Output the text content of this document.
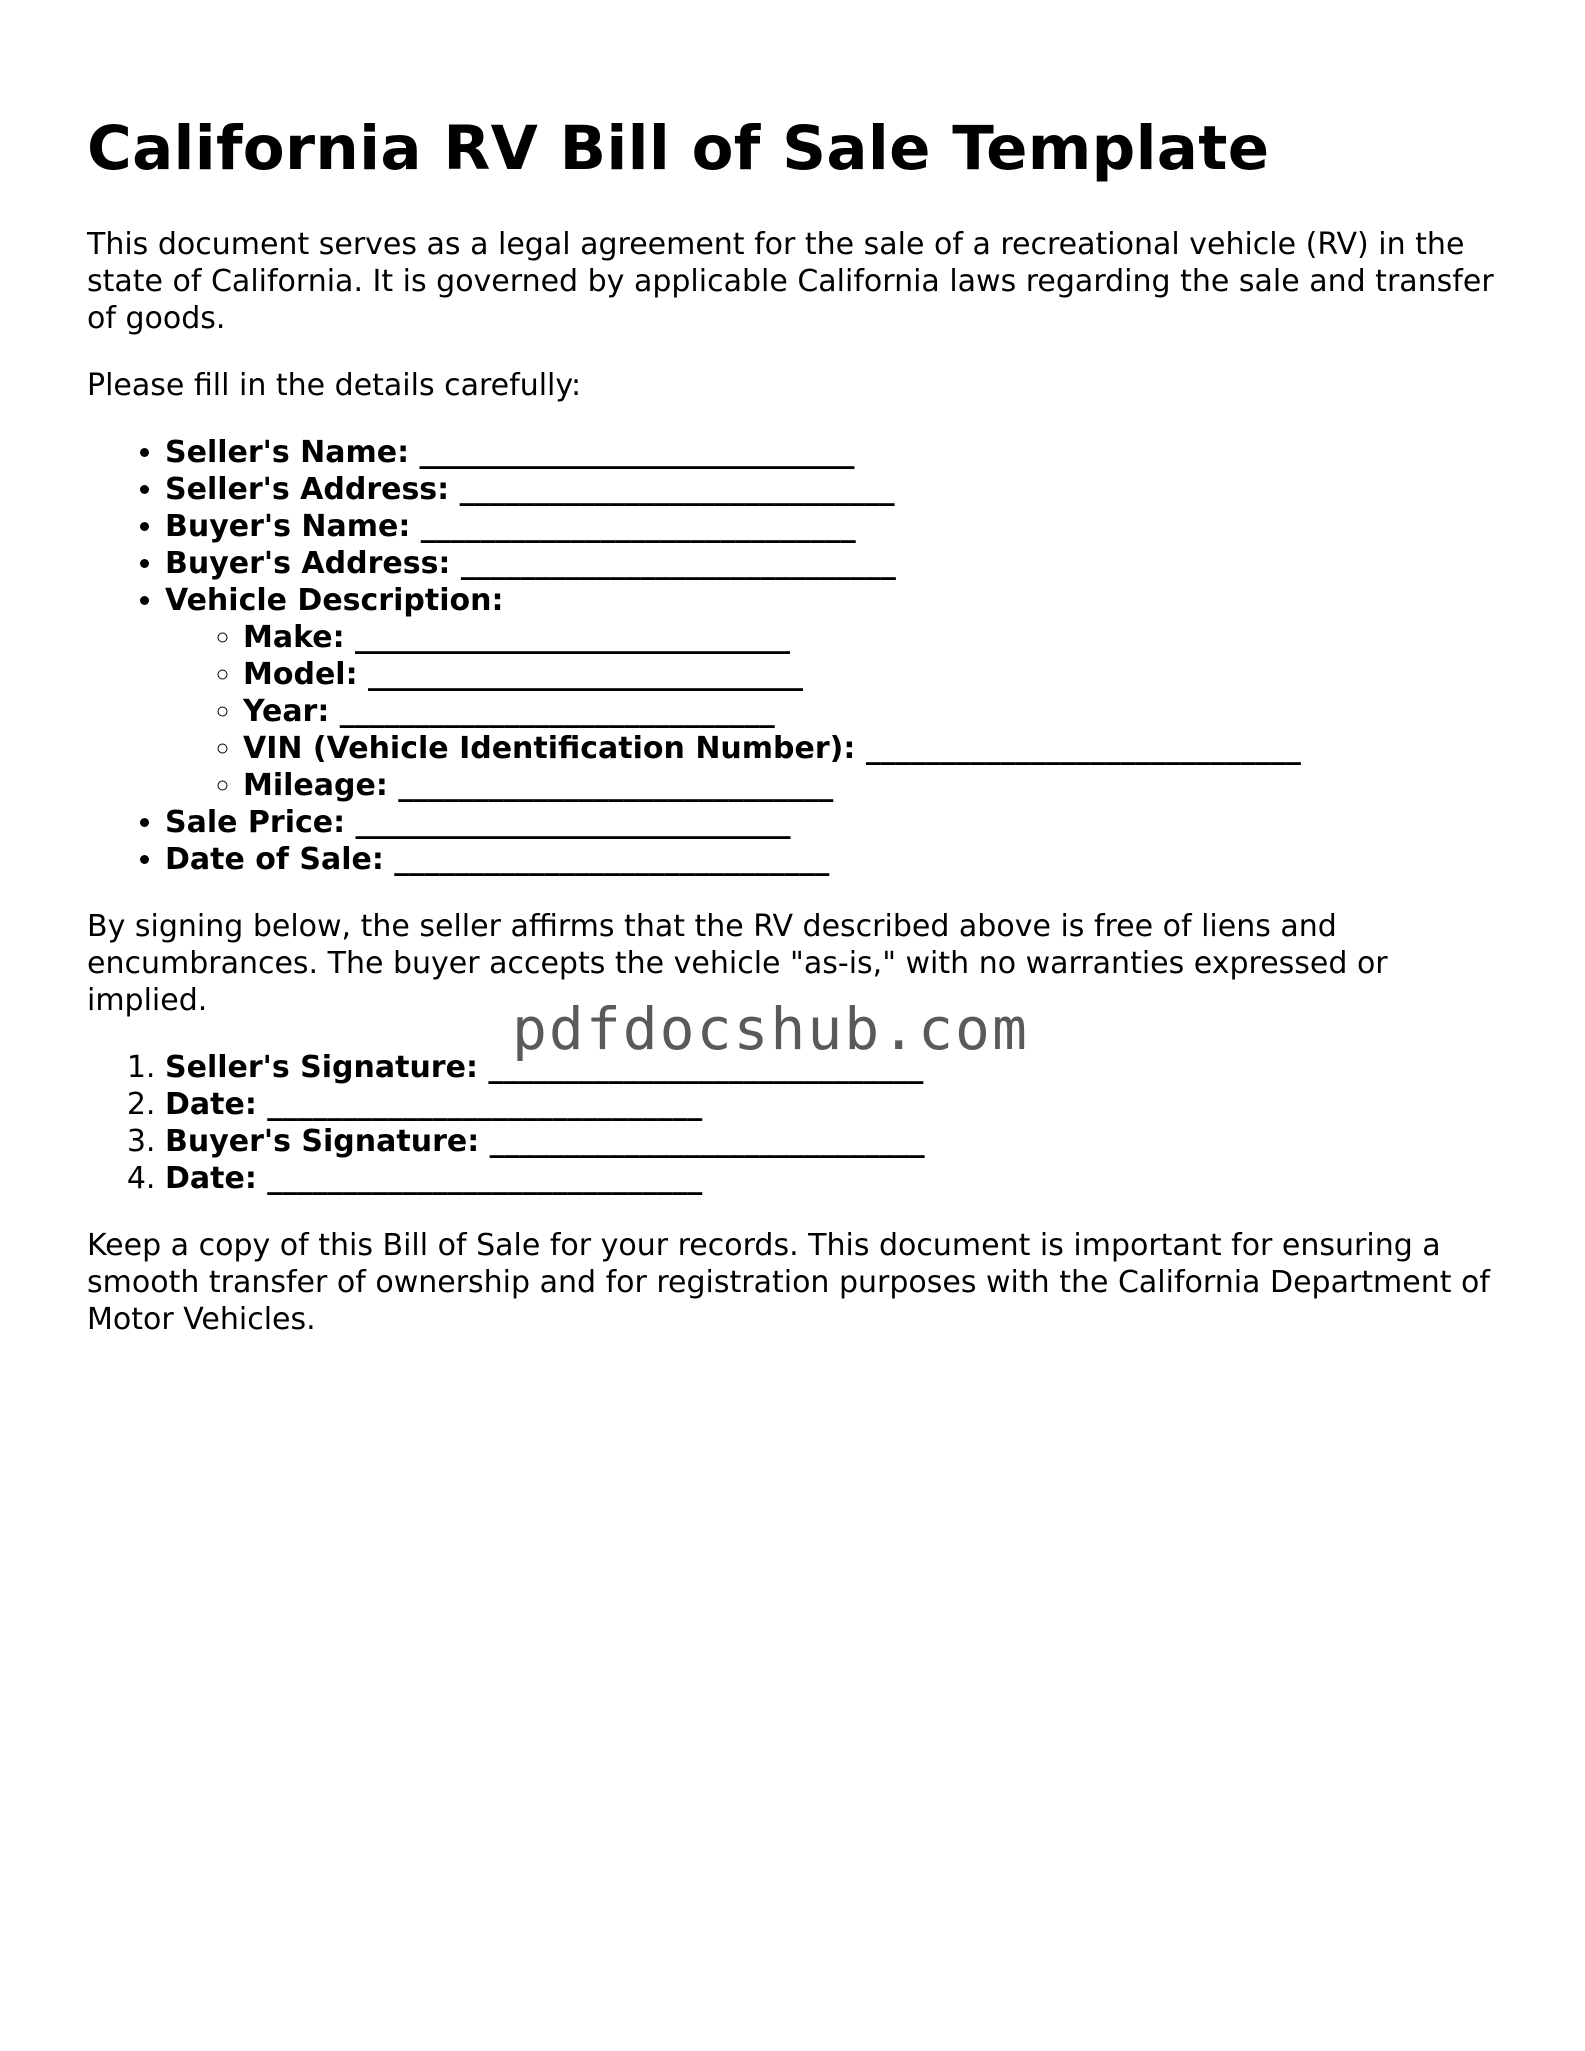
California RV Bill of Sale Template

This document serves as a legal agreement for the sale of a recreational vehicle (RV) in the state of California. It is governed by applicable California laws regarding the sale and transfer of goods.

Please fill in the details carefully:

• Seller's Name: _____________________________
• Seller's Address: _____________________________
• Buyer's Name: _____________________________
• Buyer's Address: _____________________________
• Vehicle Description:
◦ Make: _____________________________
◦ Model: _____________________________
◦ Year: _____________________________
◦ VIN (Vehicle Identification Number): _____________________________
◦ Mileage: _____________________________
• Sale Price: _____________________________
• Date of Sale: _____________________________

By signing below, the seller affirms that the RV described above is free of liens and encumbrances. The buyer accepts the vehicle "as-is," with no warranties expressed or implied.

1. Seller's Signature: _____________________________
2. Date: _____________________________
3. Buyer's Signature: _____________________________
4. Date: _____________________________

Keep a copy of this Bill of Sale for your records. This document is important for ensuring a smooth transfer of ownership and for registration purposes with the California Department of Motor Vehicles.

pdfdocshub.com
